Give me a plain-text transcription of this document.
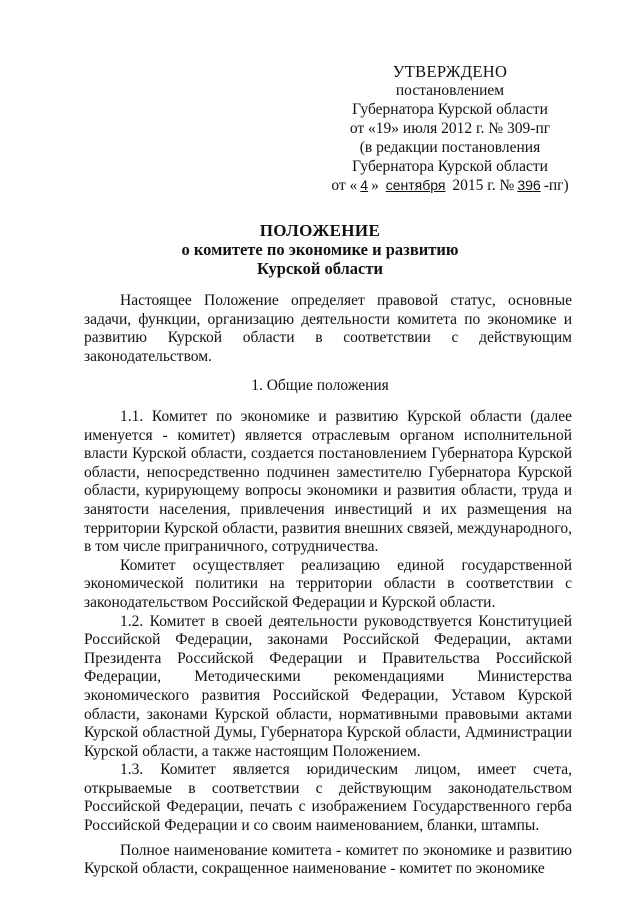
УТВЕРЖДЕНО
постановлением
Губернатора Курской области
от «19» июля 2012 г. № 309-пг
(в редакции постановления
Губернатора Курской области
от « 4 » сентября 2015 г. № 396 -пг)
ПОЛОЖЕНИЕ
о комитете по экономике и развитию
Курской области

Настоящее Положение определяет правовой статус, основные задачи, функции, организацию деятельности комитета по экономике и развитию Курской области в соответствии с действующим законодательством.

1. Общие положения

1.1. Комитет по экономике и развитию Курской области (далее именуется - комитет) является отраслевым органом исполнительной власти Курской области, создается постановлением Губернатора Курской области, непосредственно подчинен заместителю Губернатора Курской области, курирующему вопросы экономики и развития области, труда и занятости населения, привлечения инвестиций и их размещения на территории Курской области, развития внешних связей, международного, в том числе приграничного, сотрудничества.

Комитет осуществляет реализацию единой государственной экономической политики на территории области в соответствии с законодательством Российской Федерации и Курской области.

1.2. Комитет в своей деятельности руководствуется Конституцией Российской Федерации, законами Российской Федерации, актами Президента Российской Федерации и Правительства Российской Федерации, Методическими рекомендациями Министерства экономического развития Российской Федерации, Уставом Курской области, законами Курской области, нормативными правовыми актами Курской областной Думы, Губернатора Курской области, Администрации Курской области, а также настоящим Положением.

1.3. Комитет является юридическим лицом, имеет счета, открываемые в соответствии с действующим законодательством Российской Федерации, печать с изображением Государственного герба Российской Федерации и со своим наименованием, бланки, штампы.

Полное наименование комитета - комитет по экономике и развитию Курской области, сокращенное наименование - комитет по экономике
